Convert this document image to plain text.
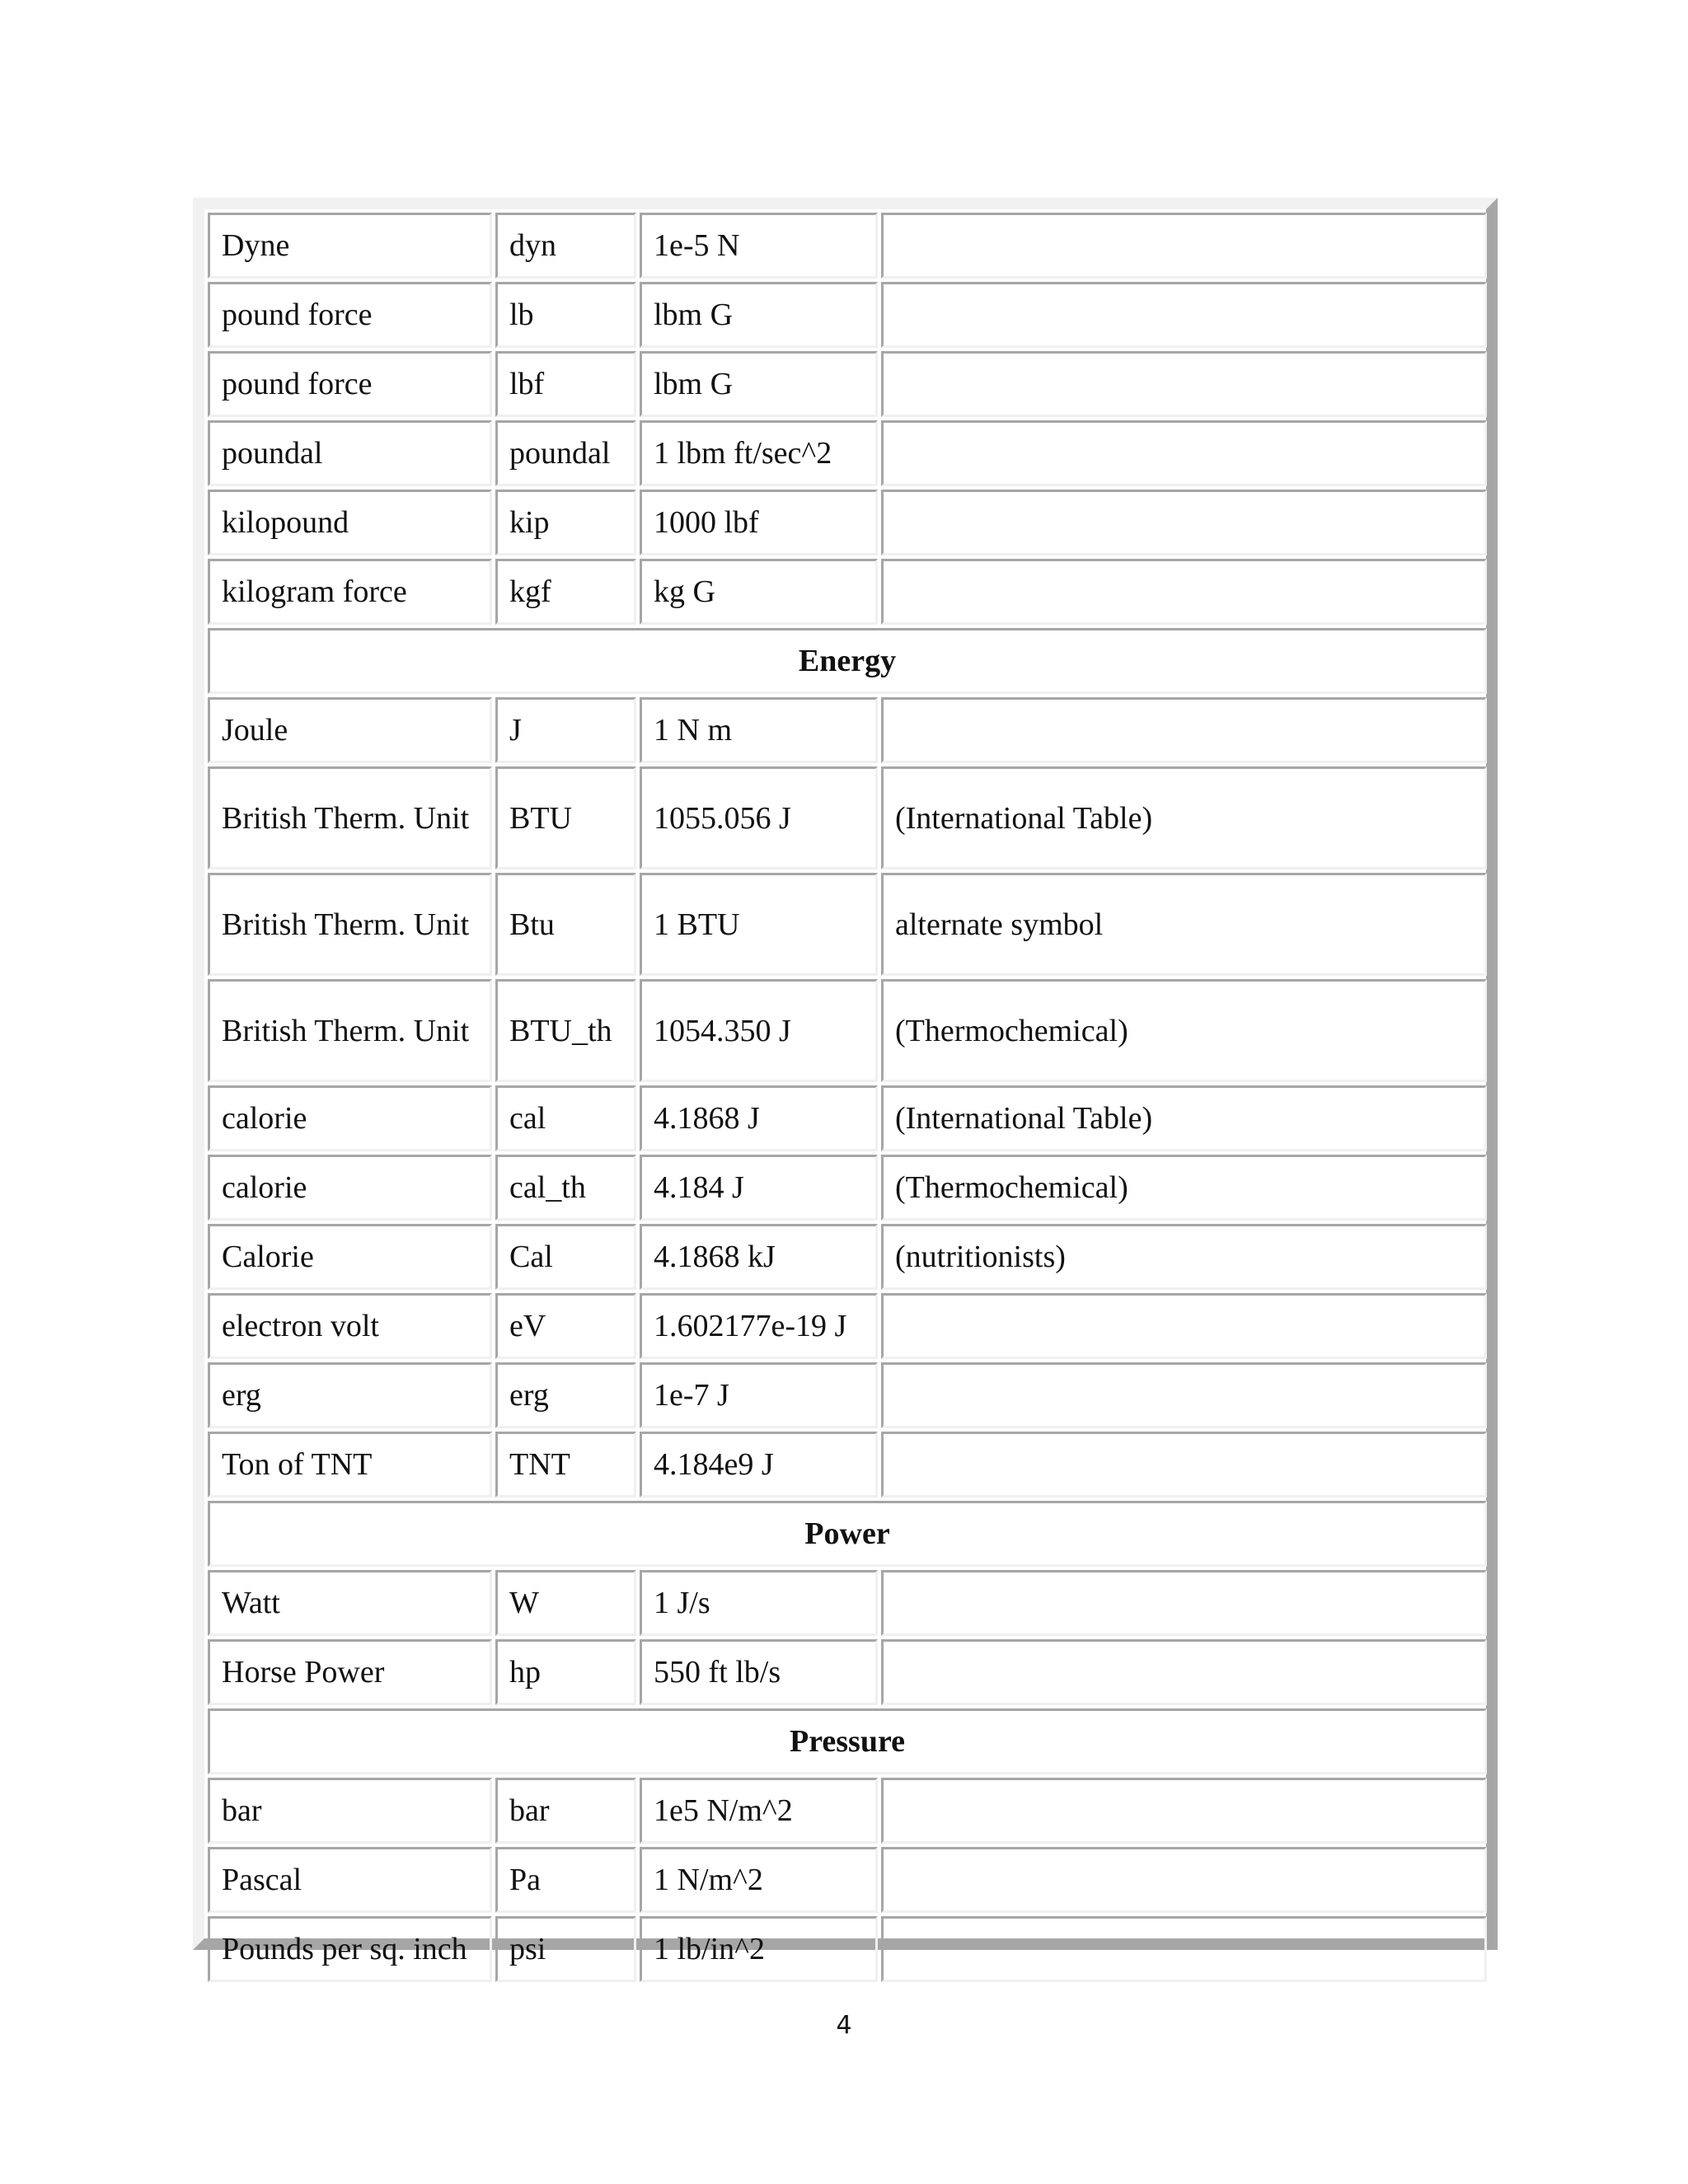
Dyne	dyn	1e-5 N	
pound force	lb	lbm G	
pound force	lbf	lbm G	
poundal	poundal	1 lbm ft/sec^2	
kilopound	kip	1000 lbf	
kilogram force	kgf	kg G	
Energy			
Joule	J	1 N m	
British Therm. Unit	BTU	1055.056 J	(International Table)
British Therm. Unit	Btu	1 BTU	alternate symbol
British Therm. Unit	BTU_th	1054.350 J	(Thermochemical)
calorie	cal	4.1868 J	(International Table)
calorie	cal_th	4.184 J	(Thermochemical)
Calorie	Cal	4.1868 kJ	(nutritionists)
electron volt	eV	1.602177e-19 J	
erg	erg	1e-7 J	
Ton of TNT	TNT	4.184e9 J	
Power			
Watt	W	1 J/s	
Horse Power	hp	550 ft lb/s	
Pressure			
bar	bar	1e5 N/m^2	
Pascal	Pa	1 N/m^2	
Pounds per sq. inch	psi	1 lb/in^2	
4
